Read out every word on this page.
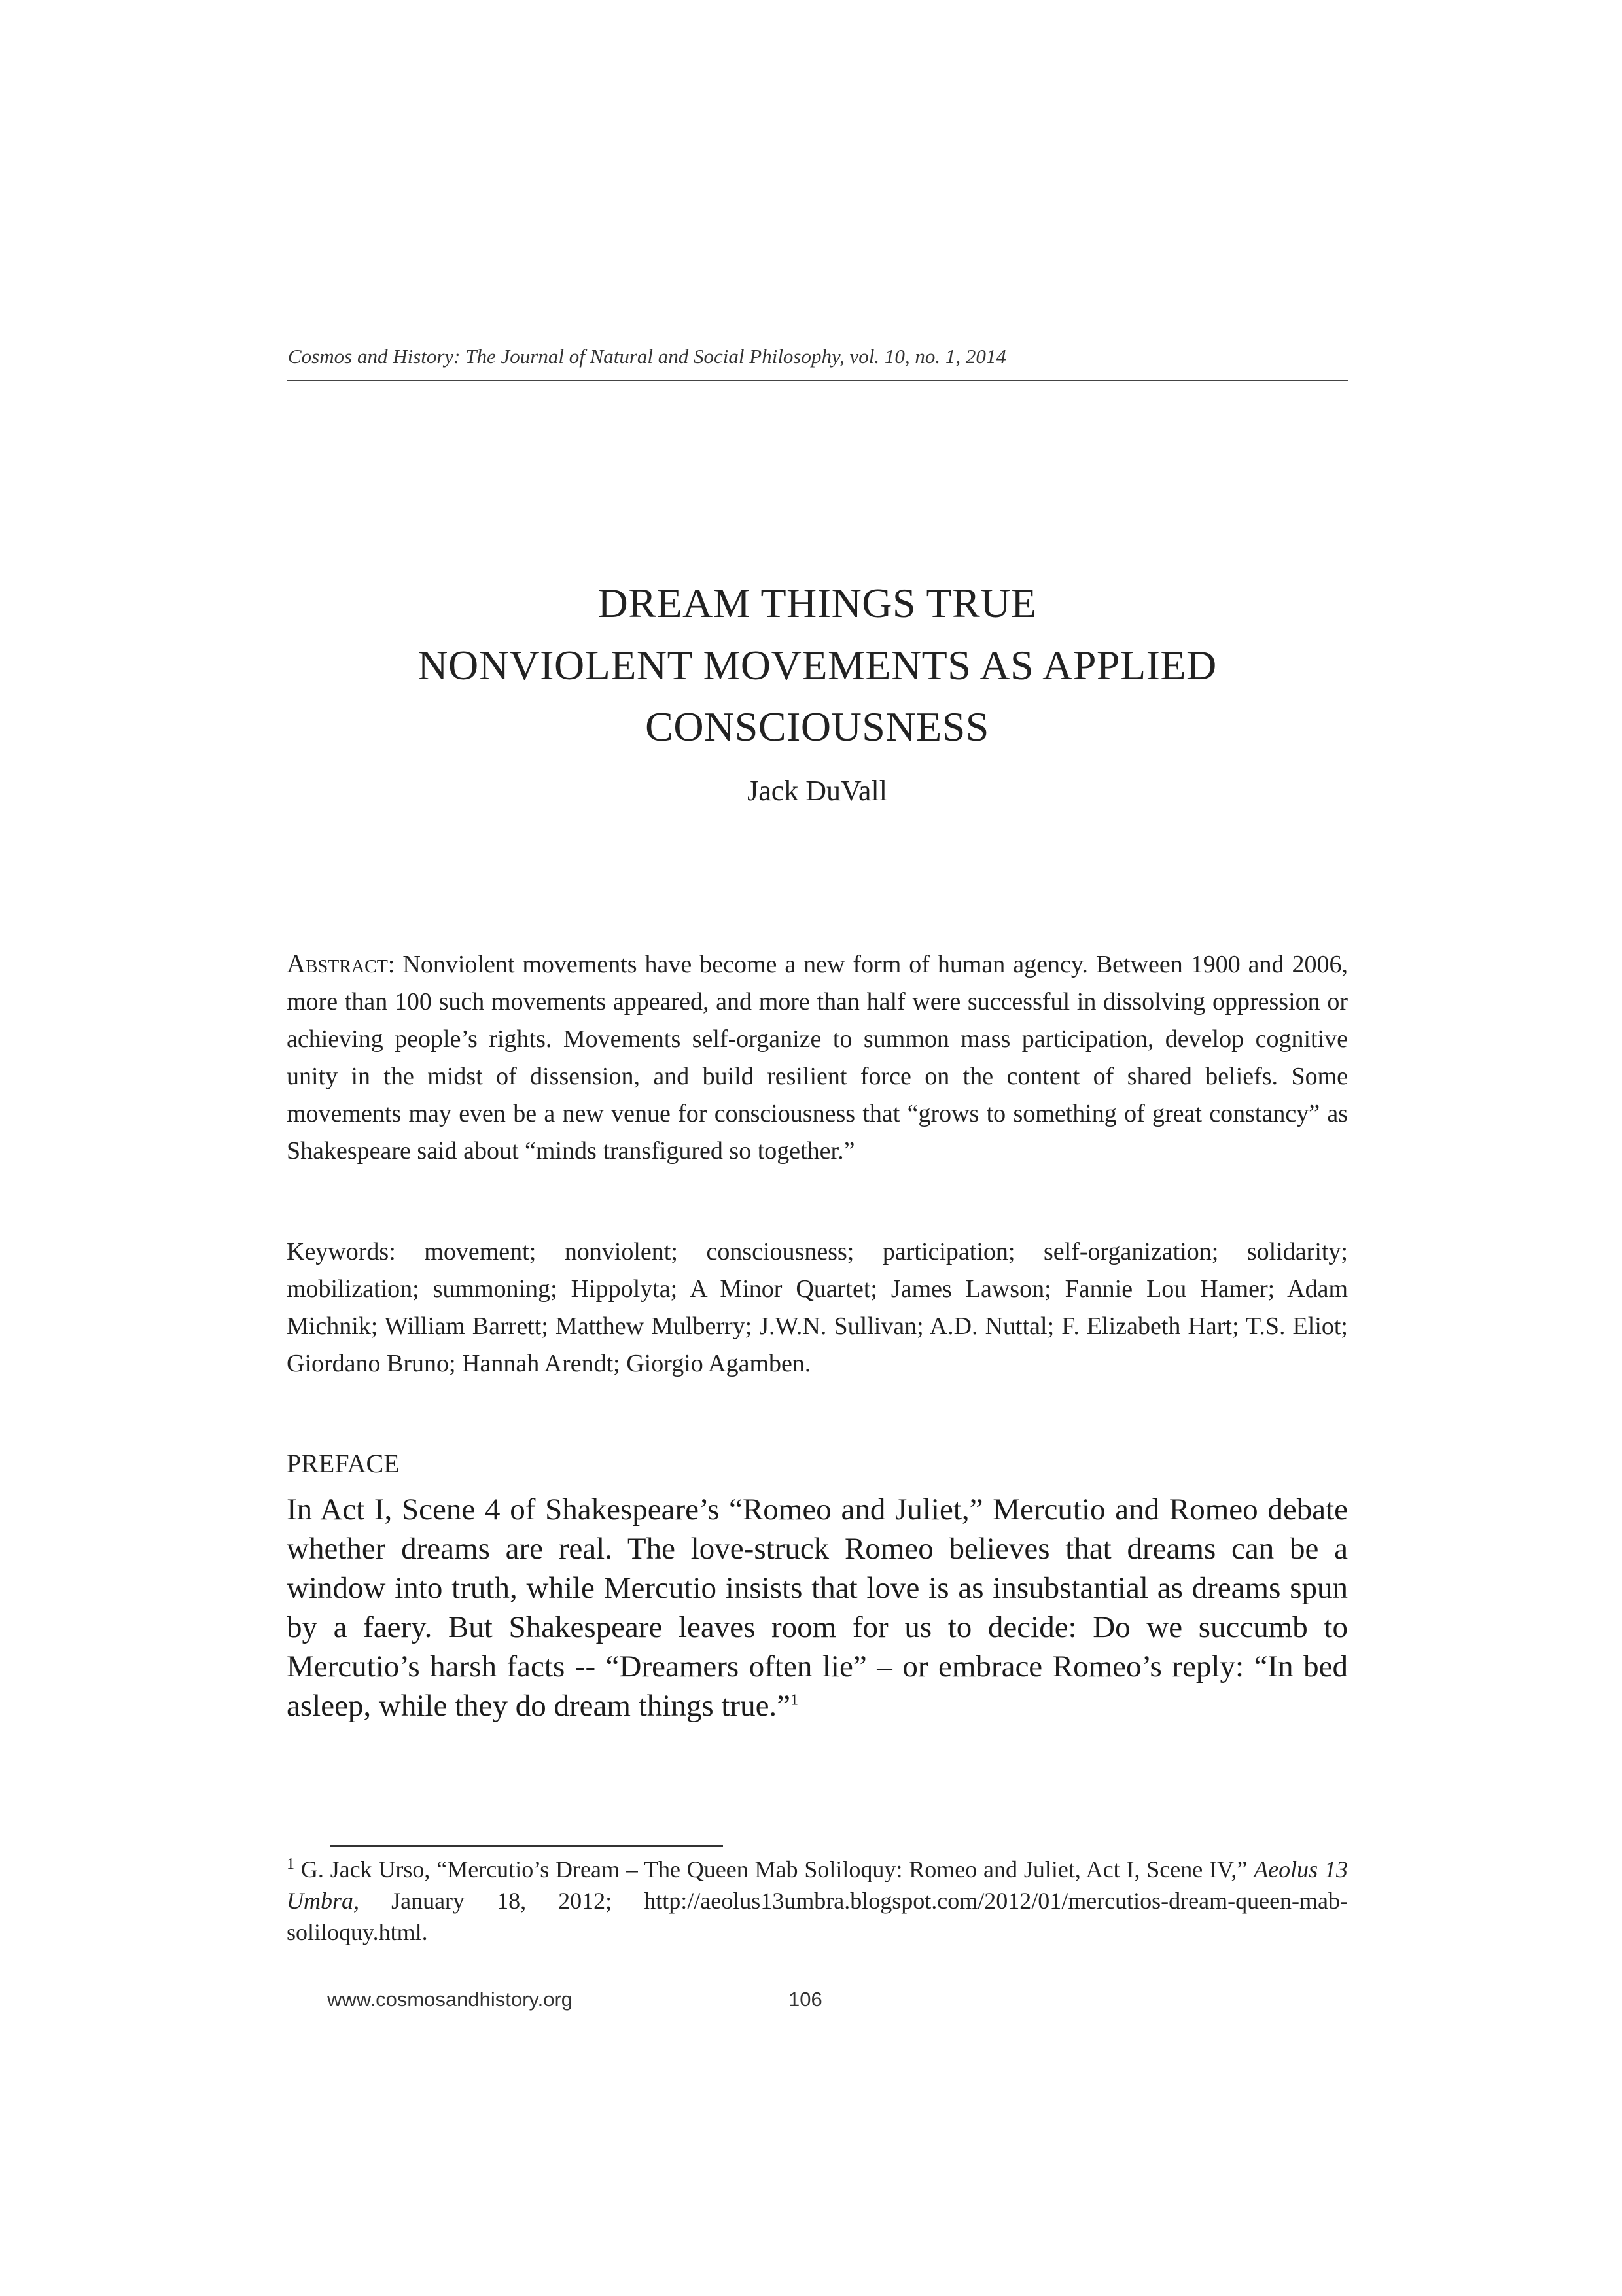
Cosmos and History: The Journal of Natural and Social Philosophy, vol. 10, no. 1, 2014
DREAM THINGS TRUE
NONVIOLENT MOVEMENTS AS APPLIED
CONSCIOUSNESS
Jack DuVall
Abstract: Nonviolent movements have become a new form of human agency. Between 1900 and 2006, more than 100 such movements appeared, and more than half were successful in dissolving oppression or achieving people’s rights. Movements self-organize to summon mass participation, develop cognitive unity in the midst of dissension, and build resilient force on the content of shared beliefs. Some movements may even be a new venue for consciousness that “grows to something of great constancy” as Shakespeare said about “minds transfigured so together.”
Keywords: movement; nonviolent; consciousness; participation; self-organization; solidarity; mobilization; summoning; Hippolyta; A Minor Quartet; James Lawson; Fannie Lou Hamer; Adam Michnik; William Barrett; Matthew Mulberry; J.W.N. Sullivan; A.D. Nuttal; F. Elizabeth Hart; T.S. Eliot; Giordano Bruno; Hannah Arendt; Giorgio Agamben.
PREFACE
In Act I, Scene 4 of Shakespeare’s “Romeo and Juliet,” Mercutio and Romeo debate whether dreams are real. The love-struck Romeo believes that dreams can be a window into truth, while Mercutio insists that love is as insubstantial as dreams spun by a faery. But Shakespeare leaves room for us to decide: Do we succumb to Mercutio’s harsh facts -- “Dreamers often lie” – or embrace Romeo’s reply: “In bed asleep, while they do dream things true.”$^1$
$^1$ G. Jack Urso, “Mercutio’s Dream – The Queen Mab Soliloquy: Romeo and Juliet, Act I, Scene IV,” Aeolus 13 Umbra, January 18, 2012; http://aeolus13umbra.blogspot.com/2012/01/mercutios-dream-queen-mab-soliloquy.html.
www.cosmosandhistory.org	106
